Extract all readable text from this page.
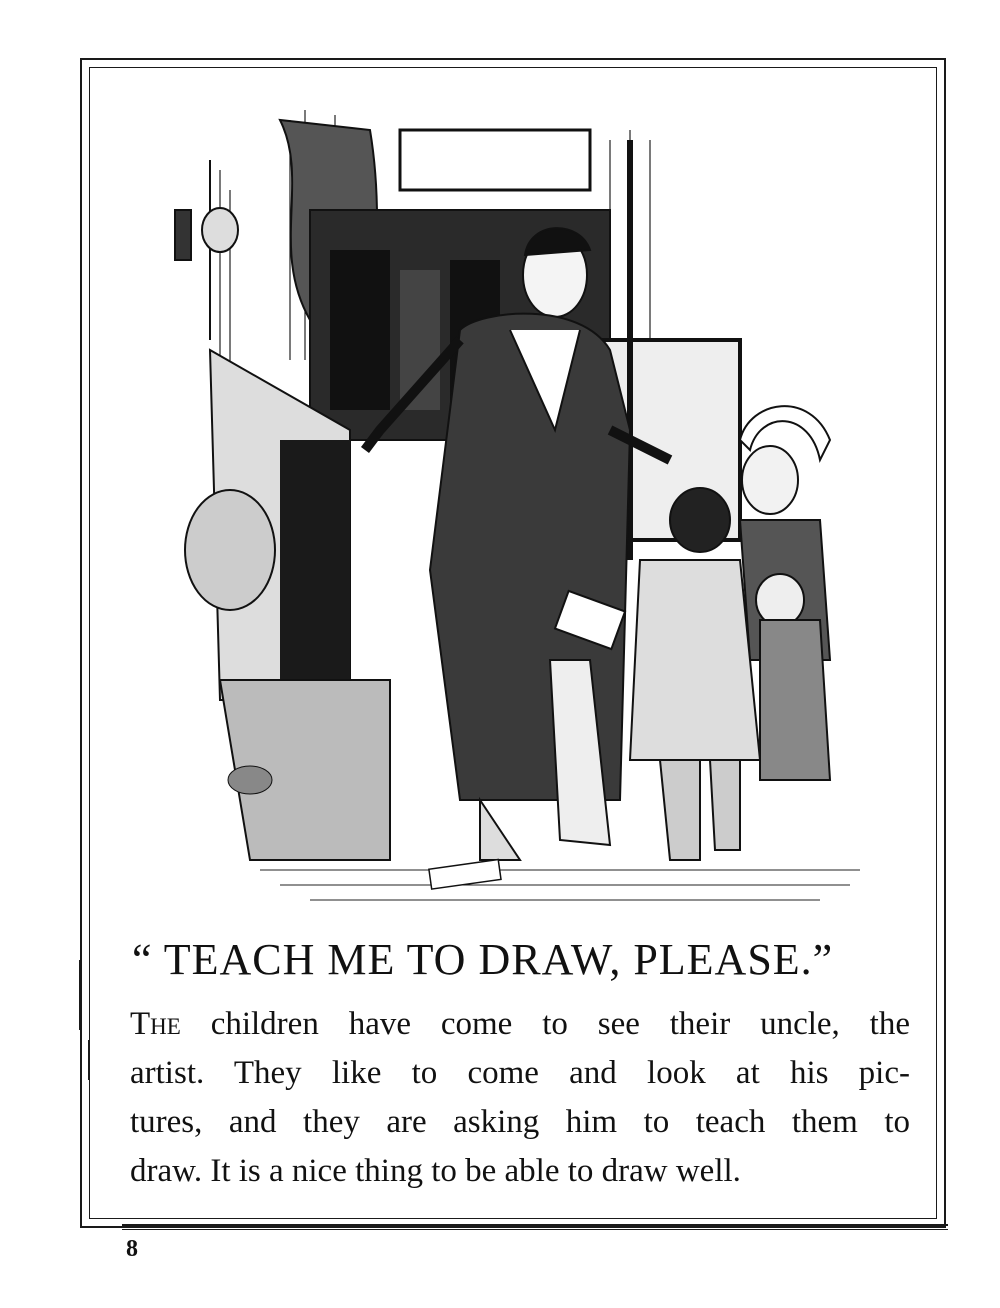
“ TEACH ME TO DRAW, PLEASE.”
The children have come to see their uncle, the
artist. They like to come and look at his pic-
tures, and they are asking him to teach them to
draw. It is a nice thing to be able to draw well.
8
